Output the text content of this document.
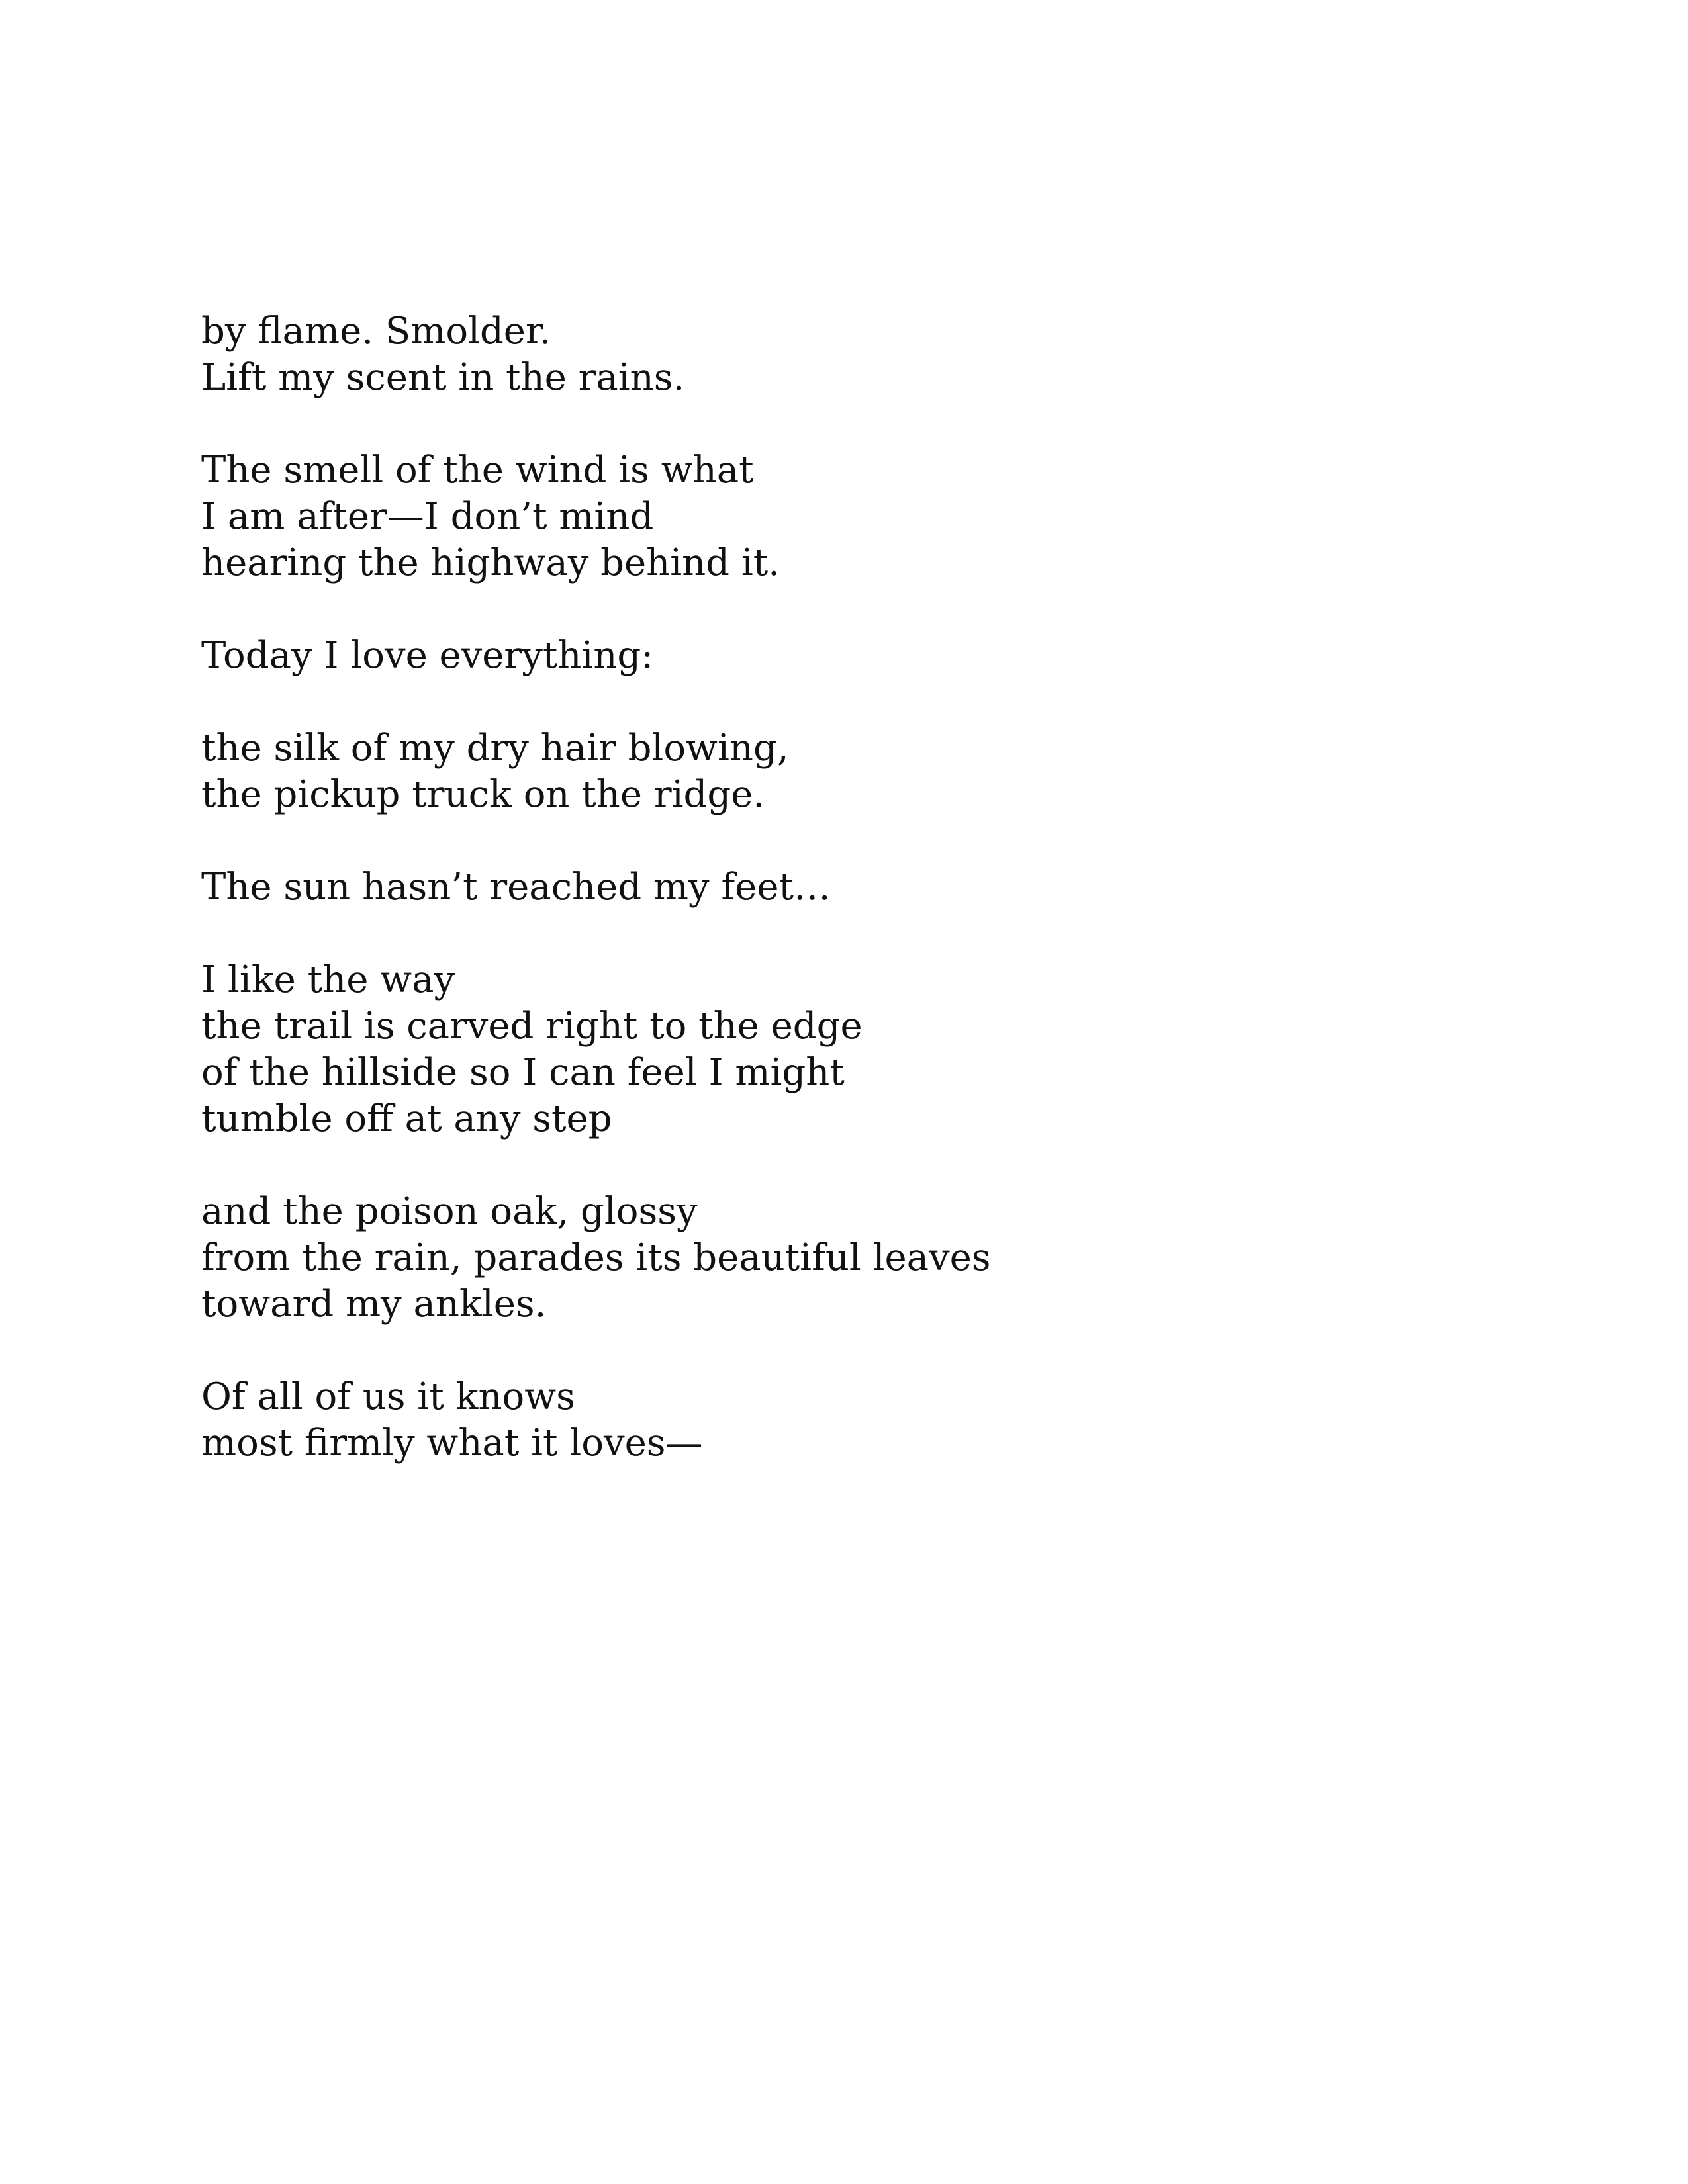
by flame. Smolder.
Lift my scent in the rains.
The smell of the wind is what
I am after—I don’t mind
hearing the highway behind it.
Today I love everything:
the silk of my dry hair blowing,
the pickup truck on the ridge.
The sun hasn’t reached my feet…
I like the way
the trail is carved right to the edge
of the hillside so I can feel I might
tumble off at any step
and the poison oak, glossy
from the rain, parades its beautiful leaves
toward my ankles.
Of all of us it knows
most firmly what it loves—
